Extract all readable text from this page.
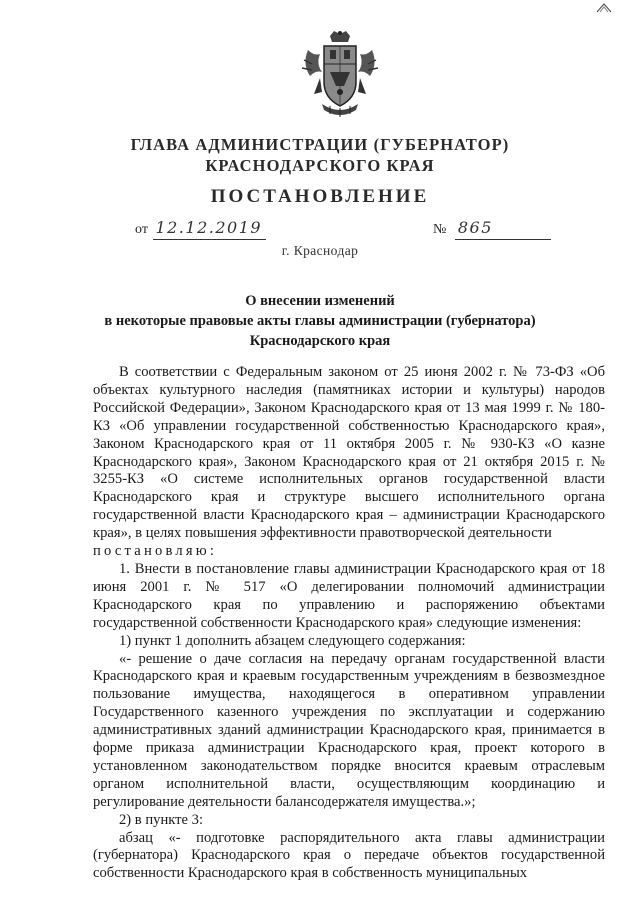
ГЛАВА АДМИНИСТРАЦИИ (ГУБЕРНАТОР)
КРАСНОДАРСКОГО КРАЯ
ПОСТАНОВЛЕНИЕ
от 12.12.2019	№ 865
г. Краснодар
О внесении изменений
в некоторые правовые акты главы администрации (губернатора)
Краснодарского края

В соответствии с Федеральным законом от 25 июня 2002 г. № 73-ФЗ «Об объектах культурного наследия (памятниках истории и культуры) народов Российской Федерации», Законом Краснодарского края от 13 мая 1999 г. № 180-КЗ «Об управлении государственной собственностью Краснодарского края», Законом Краснодарского края от 11 октября 2005 г. № 930-КЗ «О казне Краснодарского края», Законом Краснодарского края от 21 октября 2015 г. № 3255-КЗ «О системе исполнительных органов государственной власти Краснодарского края и структуре высшего исполнительного органа государственной власти Краснодарского края – администрации Краснодарского края», в целях повышения эффективности правотворческой деятельности

постановляю:

1. Внести в постановление главы администрации Краснодарского края от 18 июня 2001 г. № 517 «О делегировании полномочий администрации Краснодарского края по управлению и распоряжению объектами государственной собственности Краснодарского края» следующие изменения:

1) пункт 1 дополнить абзацем следующего содержания:

«- решение о даче согласия на передачу органам государственной власти Краснодарского края и краевым государственным учреждениям в безвозмездное пользование имущества, находящегося в оперативном управлении Государственного казенного учреждения по эксплуатации и содержанию административных зданий администрации Краснодарского края, принимается в форме приказа администрации Краснодарского края, проект которого в установленном законодательством порядке вносится краевым отраслевым органом исполнительной власти, осуществляющим координацию и регулирование деятельности балансодержателя имущества.»;

2) в пункте 3:

абзац «- подготовке распорядительного акта главы администрации (губернатора) Краснодарского края о передаче объектов государственной собственности Краснодарского края в собственность муниципальных
